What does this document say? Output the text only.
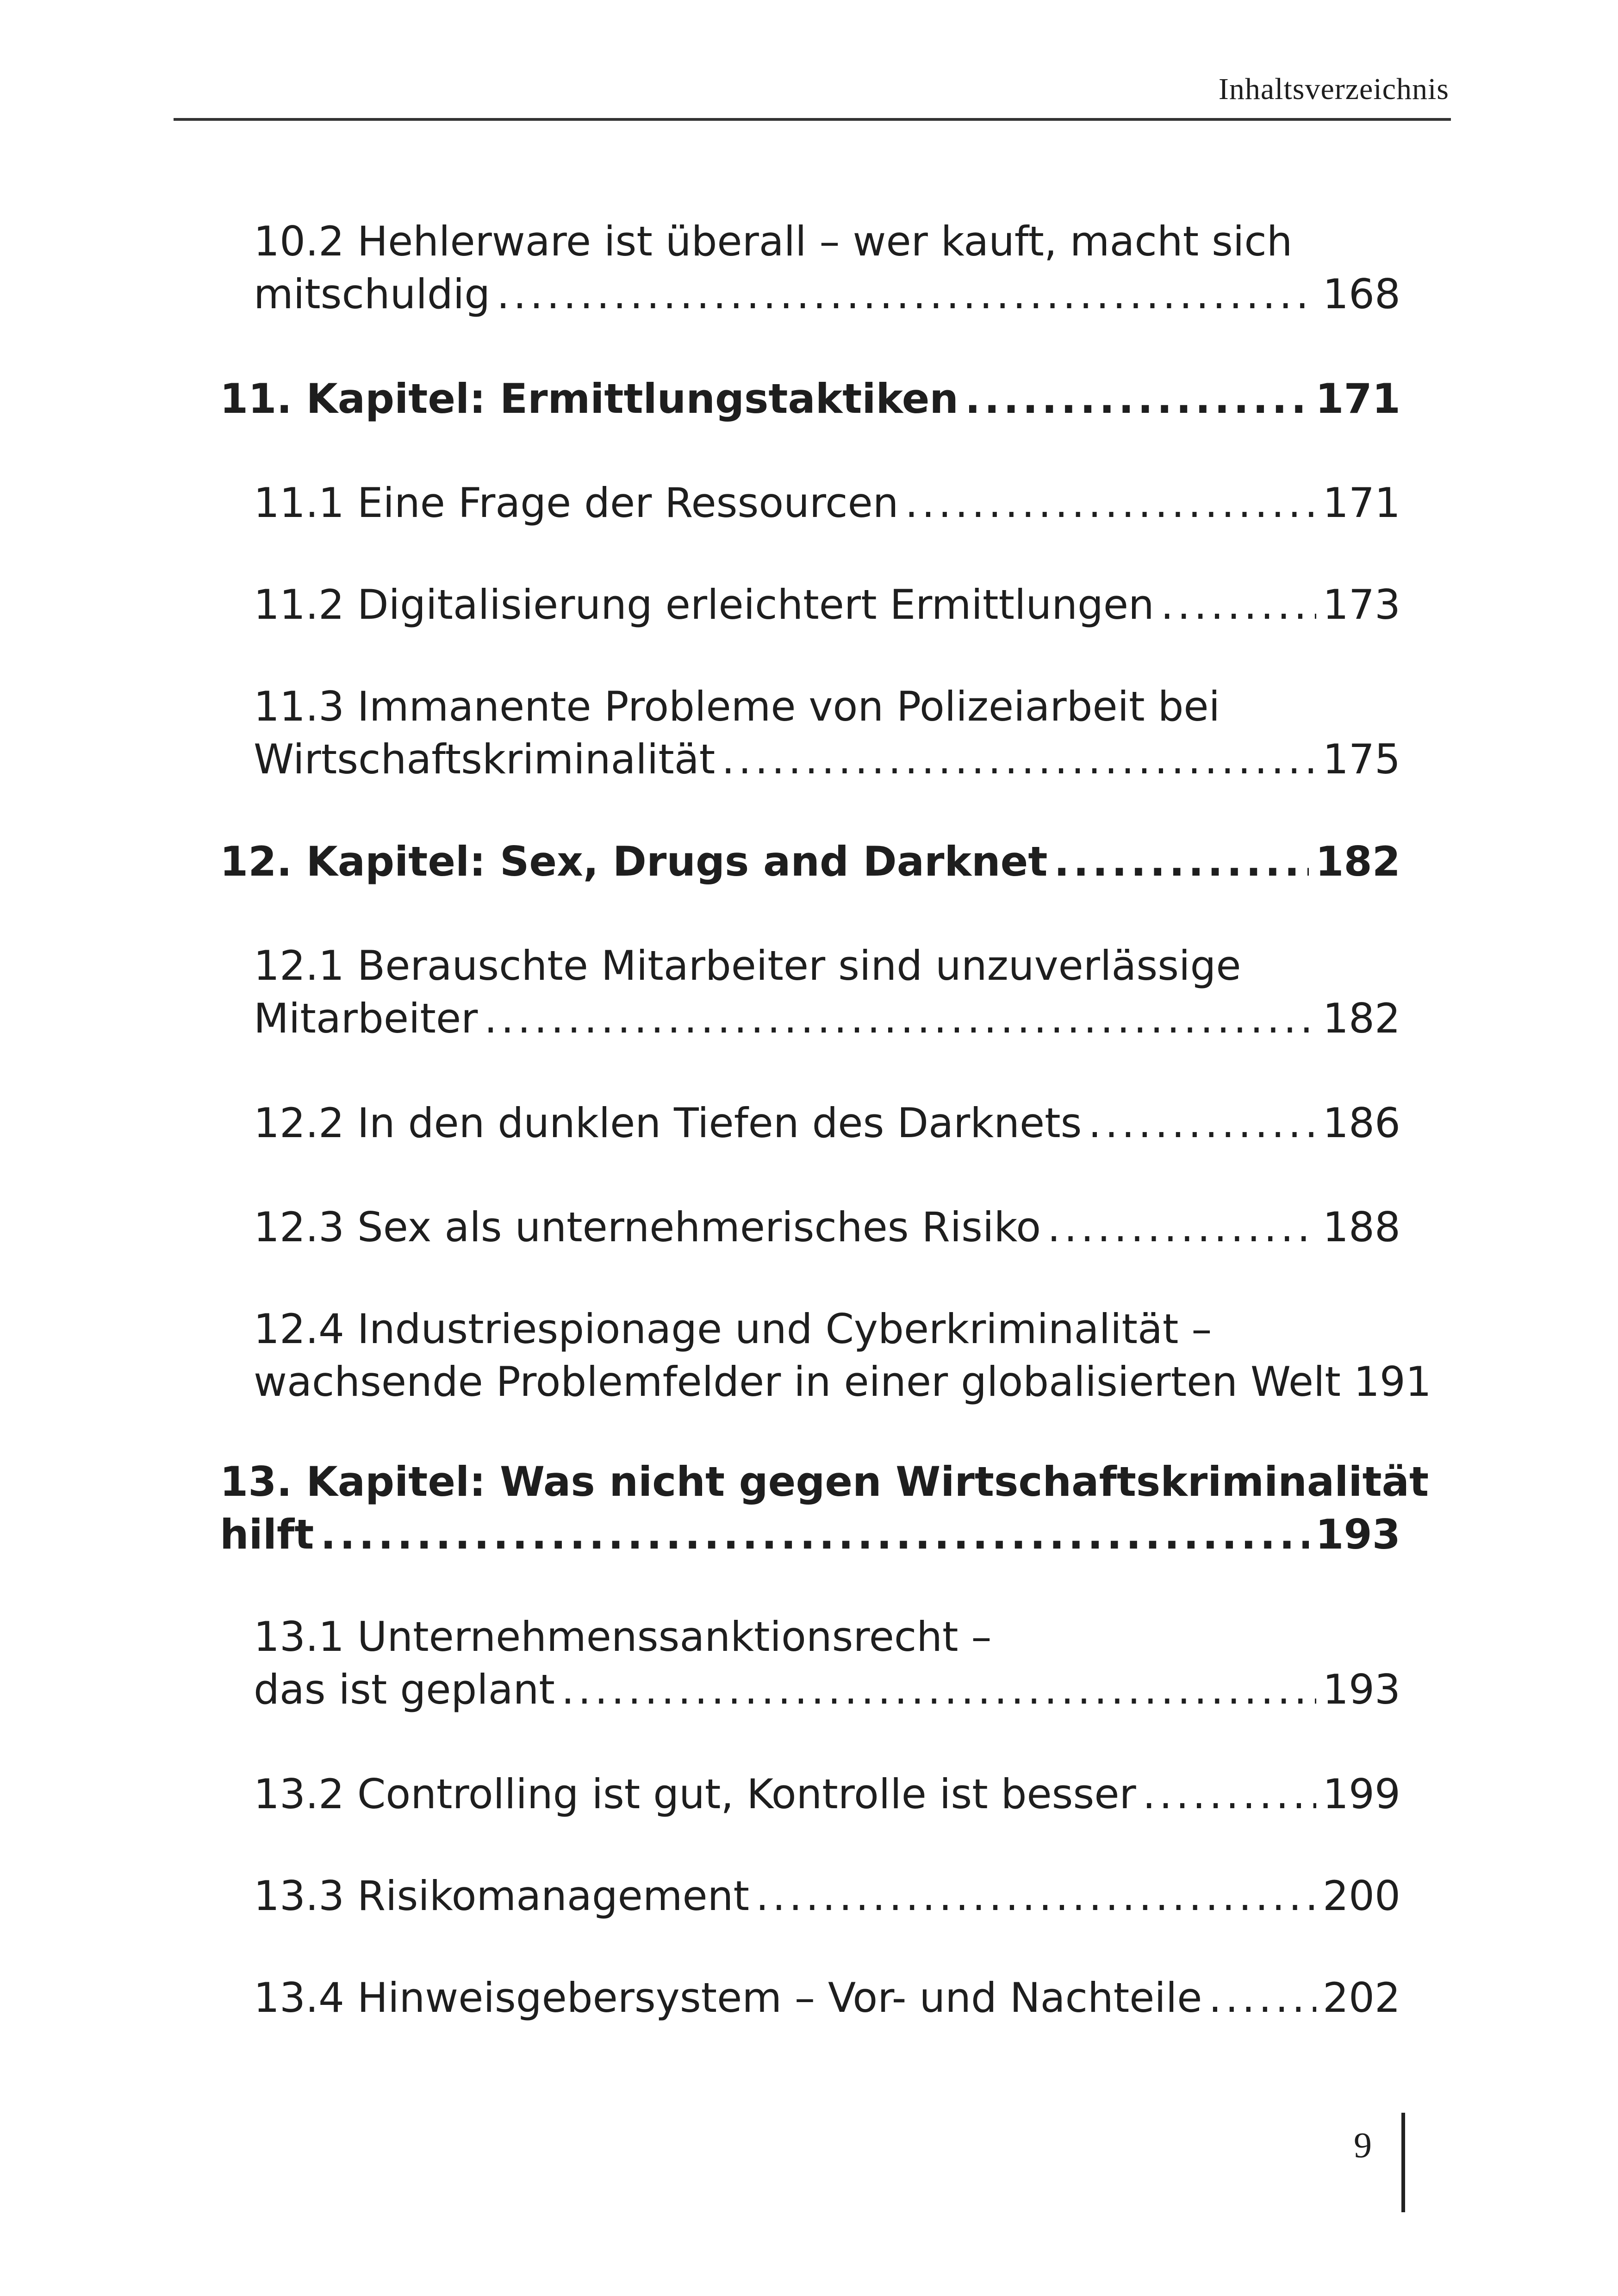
Inhaltsverzeichnis
10.2 Hehlerware ist überall – wer kauft, macht sich
mitschuldig .....	168
11. Kapitel: Ermittlungstaktiken .....	171
11.1 Eine Frage der Ressourcen .....	171
11.2 Digitalisierung erleichtert Ermittlungen .....	173
11.3 Immanente Probleme von Polizeiarbeit bei
Wirtschaftskriminalität .....	175
12. Kapitel: Sex, Drugs and Darknet .....	182
12.1 Berauschte Mitarbeiter sind unzuverlässige
Mitarbeiter .....	182
12.2 In den dunklen Tiefen des Darknets .....	186
12.3 Sex als unternehmerisches Risiko .....	188
12.4 Industriespionage und Cyberkriminalität –
wachsende Problemfelder in einer globalisierten Welt 191
13. Kapitel: Was nicht gegen Wirtschaftskriminalität
hilft .....	193
13.1 Unternehmenssanktionsrecht –
das ist geplant .....	193
13.2 Controlling ist gut, Kontrolle ist besser .....	199
13.3 Risikomanagement .....	200
13.4 Hinweisgebersystem – Vor- und Nachteile .....	202
9
